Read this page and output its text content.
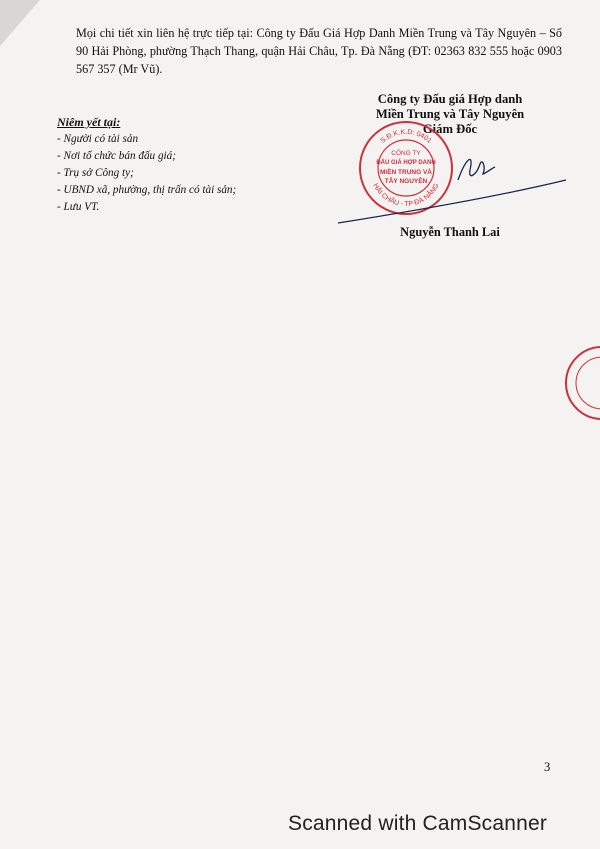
Mọi chi tiết xin liên hệ trực tiếp tại: Công ty Đấu Giá Hợp Danh Miền Trung và Tây Nguyên – Số 90 Hải Phòng, phường Thạch Thang, quận Hải Châu, Tp. Đà Nẵng (ĐT: 02363 832 555 hoặc 0903 567 357 (Mr Vũ).
Niêm yết tại:
- Người có tài sản
- Nơi tổ chức bán đấu giá;
- Trụ sở Công ty;
- UBND xã, phường, thị trấn có tài sản;
- Lưu VT.
Công ty Đấu giá Hợp danh
Miền Trung và Tây Nguyên
Giám Đốc
S.Đ.K.K.D: 0401
HẢI CHÂU - TP ĐÀ NẴNG
CÔNG TY
ĐẤU GIÁ HỢP DANH
MIỀN TRUNG VÀ
TÂY NGUYÊN
Nguyễn Thanh Lai
3
Scanned with CamScanner
